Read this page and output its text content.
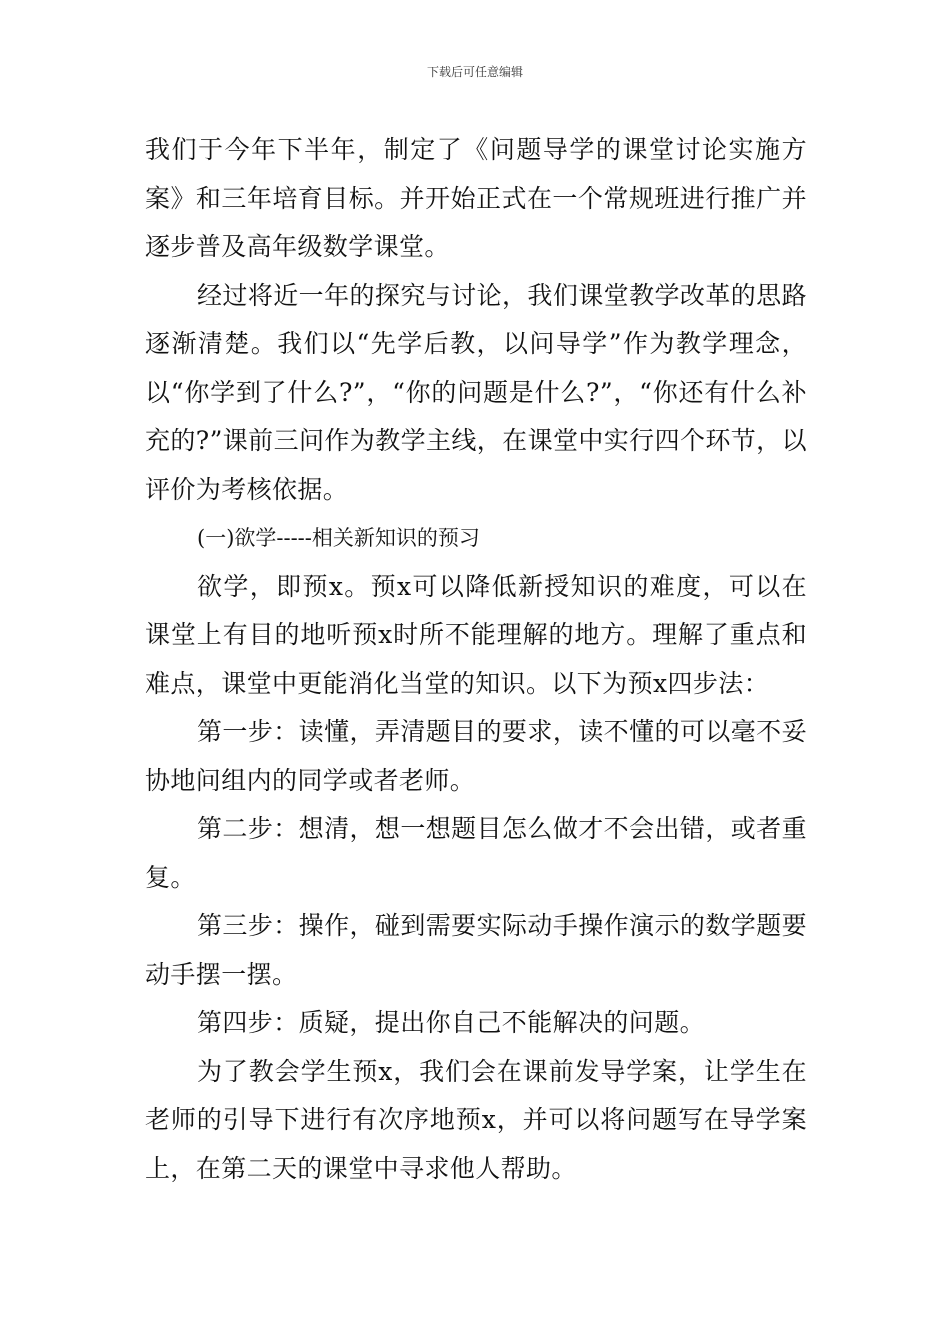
下载后可任意编辑

我们于今年下半年，制定了《问题导学的课堂讨论实施方案》和三年培育目标。并开始正式在一个常规班进行推广并逐步普及高年级数学课堂。

经过将近一年的探究与讨论，我们课堂教学改革的思路逐渐清楚。我们以“先学后教，以问导学”作为教学理念，以“你学到了什么?”，“你的问题是什么?”，“你还有什么补充的?”课前三问作为教学主线，在课堂中实行四个环节，以评价为考核依据。

(一)欲学-----相关新知识的预习

欲学，即预x。预x可以降低新授知识的难度，可以在课堂上有目的地听预x时所不能理解的地方。理解了重点和难点，课堂中更能消化当堂的知识。以下为预x四步法：

第一步：读懂，弄清题目的要求，读不懂的可以毫不妥协地问组内的同学或者老师。

第二步：想清，想一想题目怎么做才不会出错，或者重复。

第三步：操作，碰到需要实际动手操作演示的数学题要动手摆一摆。

第四步：质疑，提出你自己不能解决的问题。

为了教会学生预x，我们会在课前发导学案，让学生在老师的引导下进行有次序地预x，并可以将问题写在导学案上，在第二天的课堂中寻求他人帮助。
